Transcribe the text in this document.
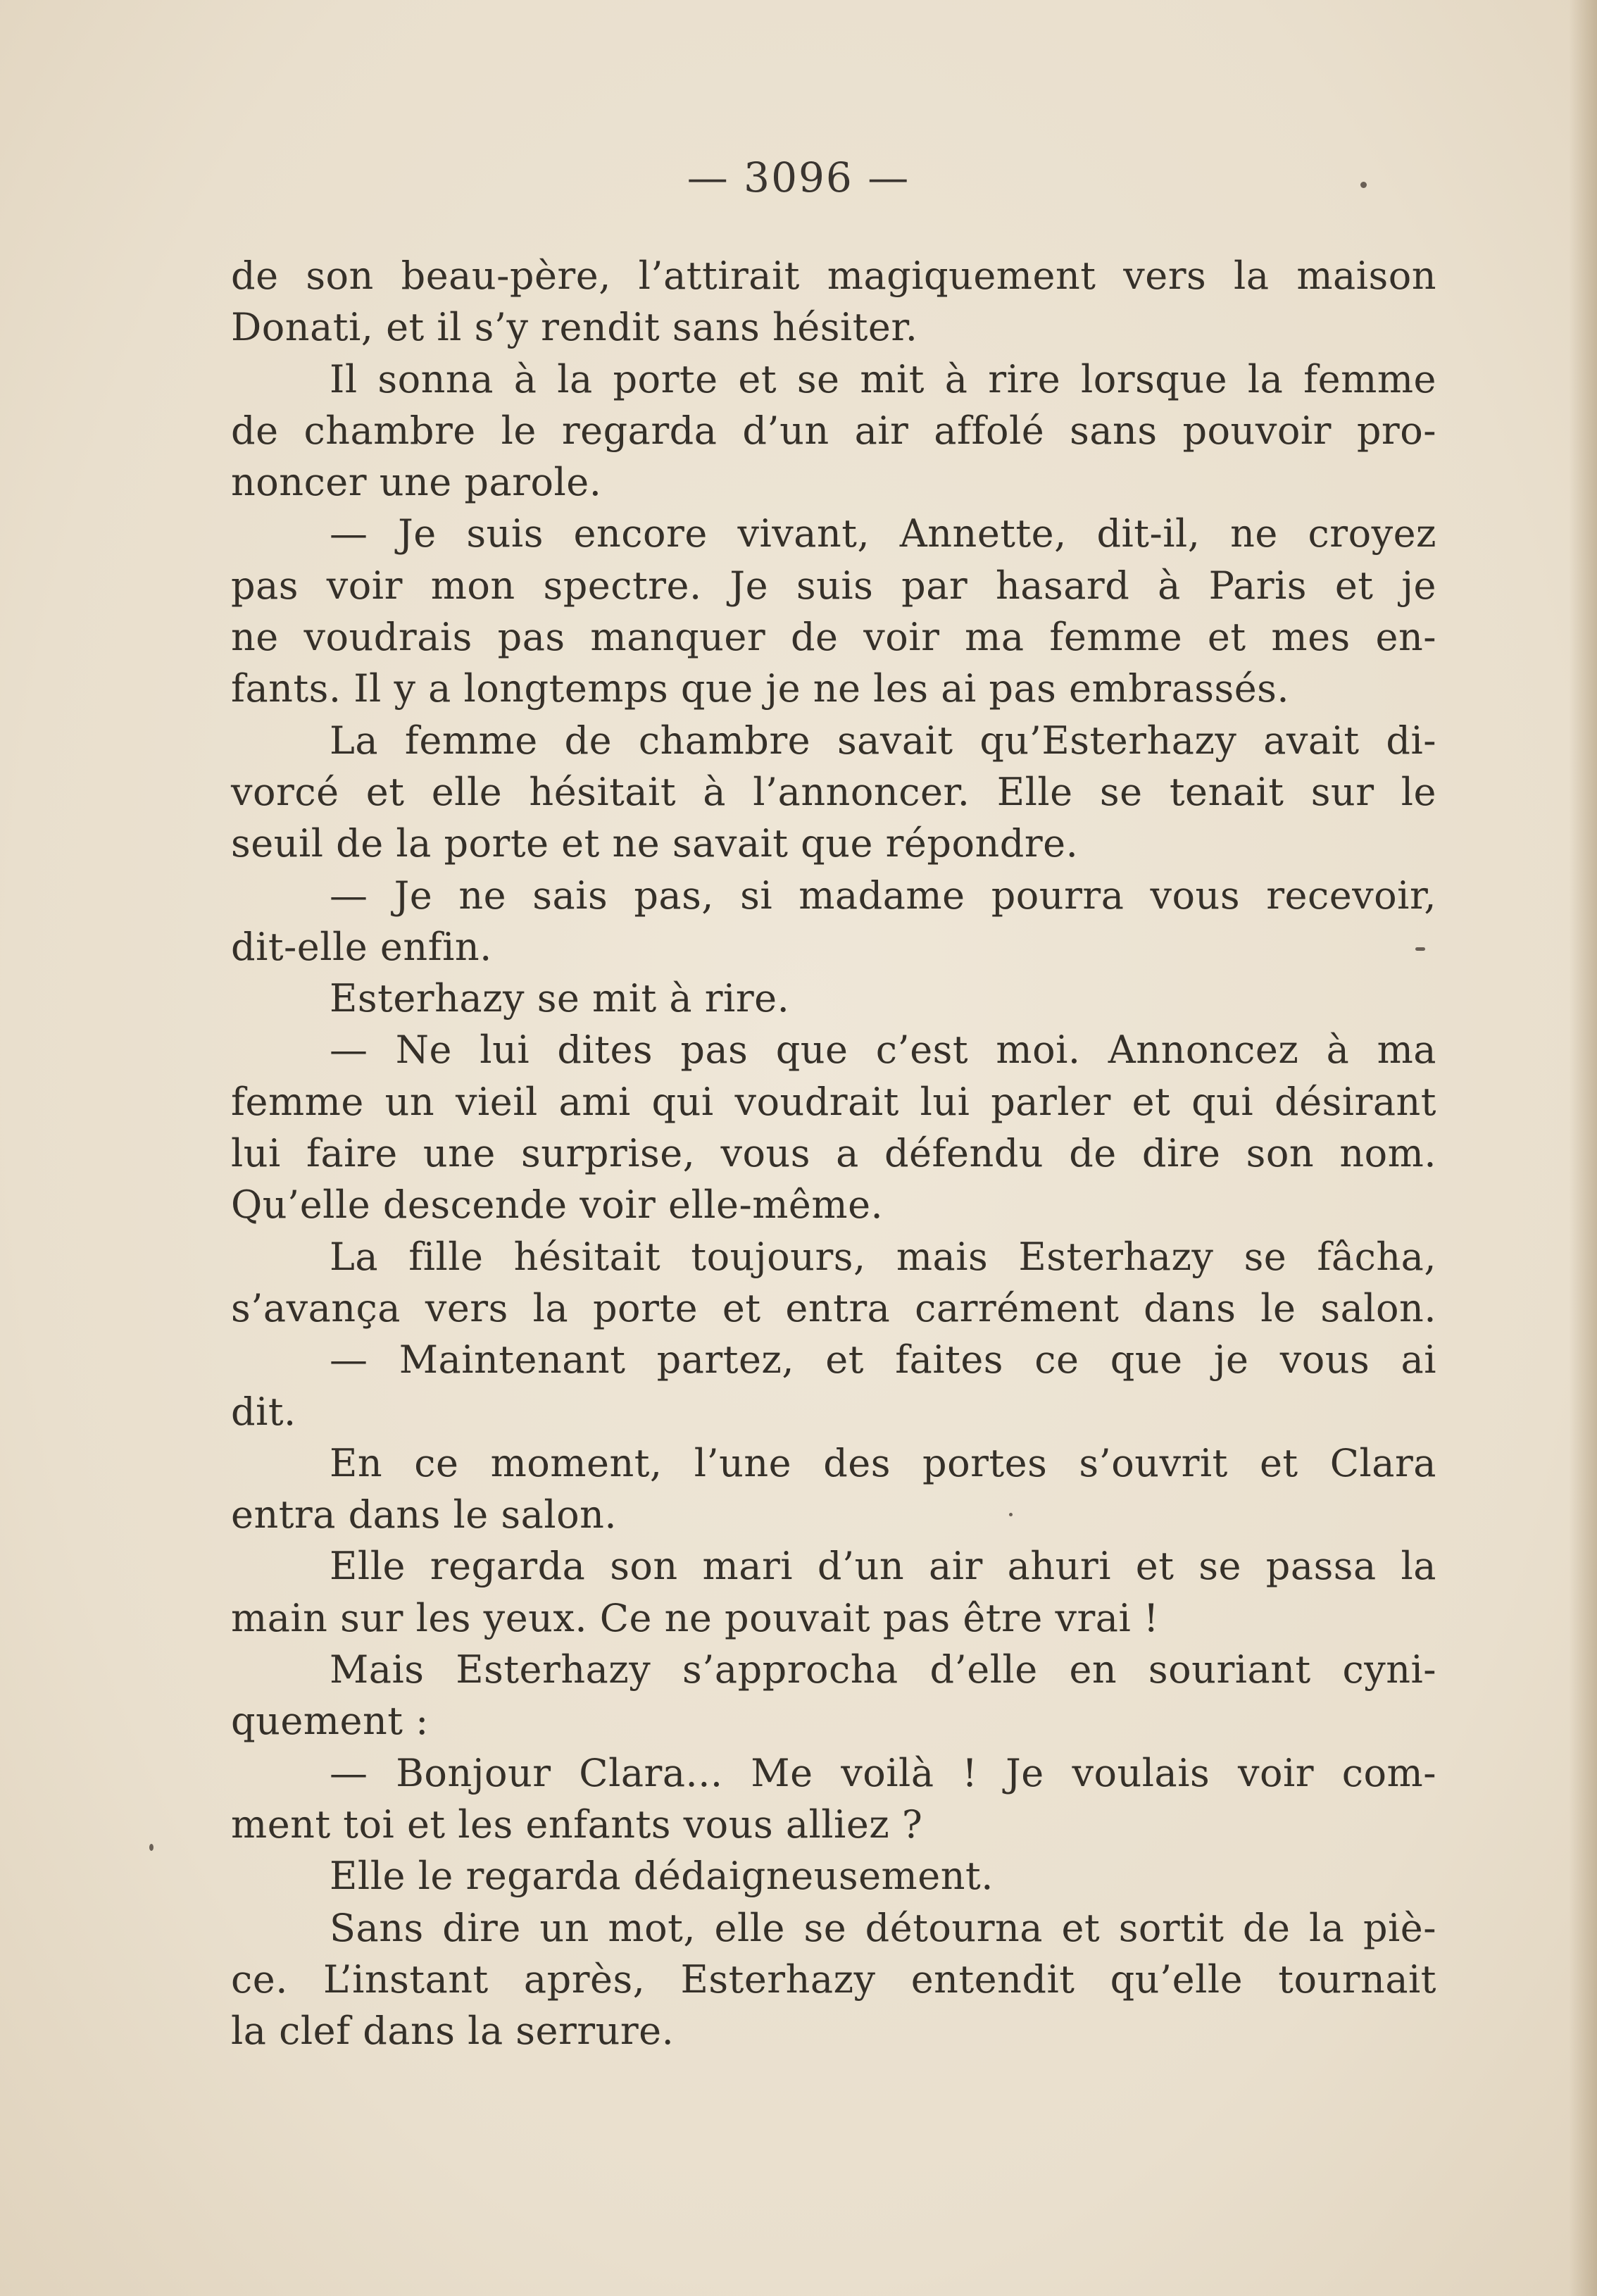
— 3096 —
de son beau-père, l’attirait magiquement vers la maison
Donati, et il s’y rendit sans hésiter.
Il sonna à la porte et se mit à rire lorsque la femme
de chambre le regarda d’un air affolé sans pouvoir pro-
noncer une parole.
— Je suis encore vivant, Annette, dit-il, ne croyez
pas voir mon spectre. Je suis par hasard à Paris et je
ne voudrais pas manquer de voir ma femme et mes en-
fants. Il y a longtemps que je ne les ai pas embrassés.
La femme de chambre savait qu’Esterhazy avait di-
vorcé et elle hésitait à l’annoncer. Elle se tenait sur le
seuil de la porte et ne savait que répondre.
— Je ne sais pas, si madame pourra vous recevoir,
dit-elle enfin.
Esterhazy se mit à rire.
— Ne lui dites pas que c’est moi. Annoncez à ma
femme un vieil ami qui voudrait lui parler et qui désirant
lui faire une surprise, vous a défendu de dire son nom.
Qu’elle descende voir elle-même.
La fille hésitait toujours, mais Esterhazy se fâcha,
s’avança vers la porte et entra carrément dans le salon.
— Maintenant partez, et faites ce que je vous ai
dit.
En ce moment, l’une des portes s’ouvrit et Clara
entra dans le salon.
Elle regarda son mari d’un air ahuri et se passa la
main sur les yeux. Ce ne pouvait pas être vrai !
Mais Esterhazy s’approcha d’elle en souriant cyni-
quement :
— Bonjour Clara... Me voilà ! Je voulais voir com-
ment toi et les enfants vous alliez ?
Elle le regarda dédaigneusement.
Sans dire un mot, elle se détourna et sortit de la piè-
ce. L’instant après, Esterhazy entendit qu’elle tournait
la clef dans la serrure.
